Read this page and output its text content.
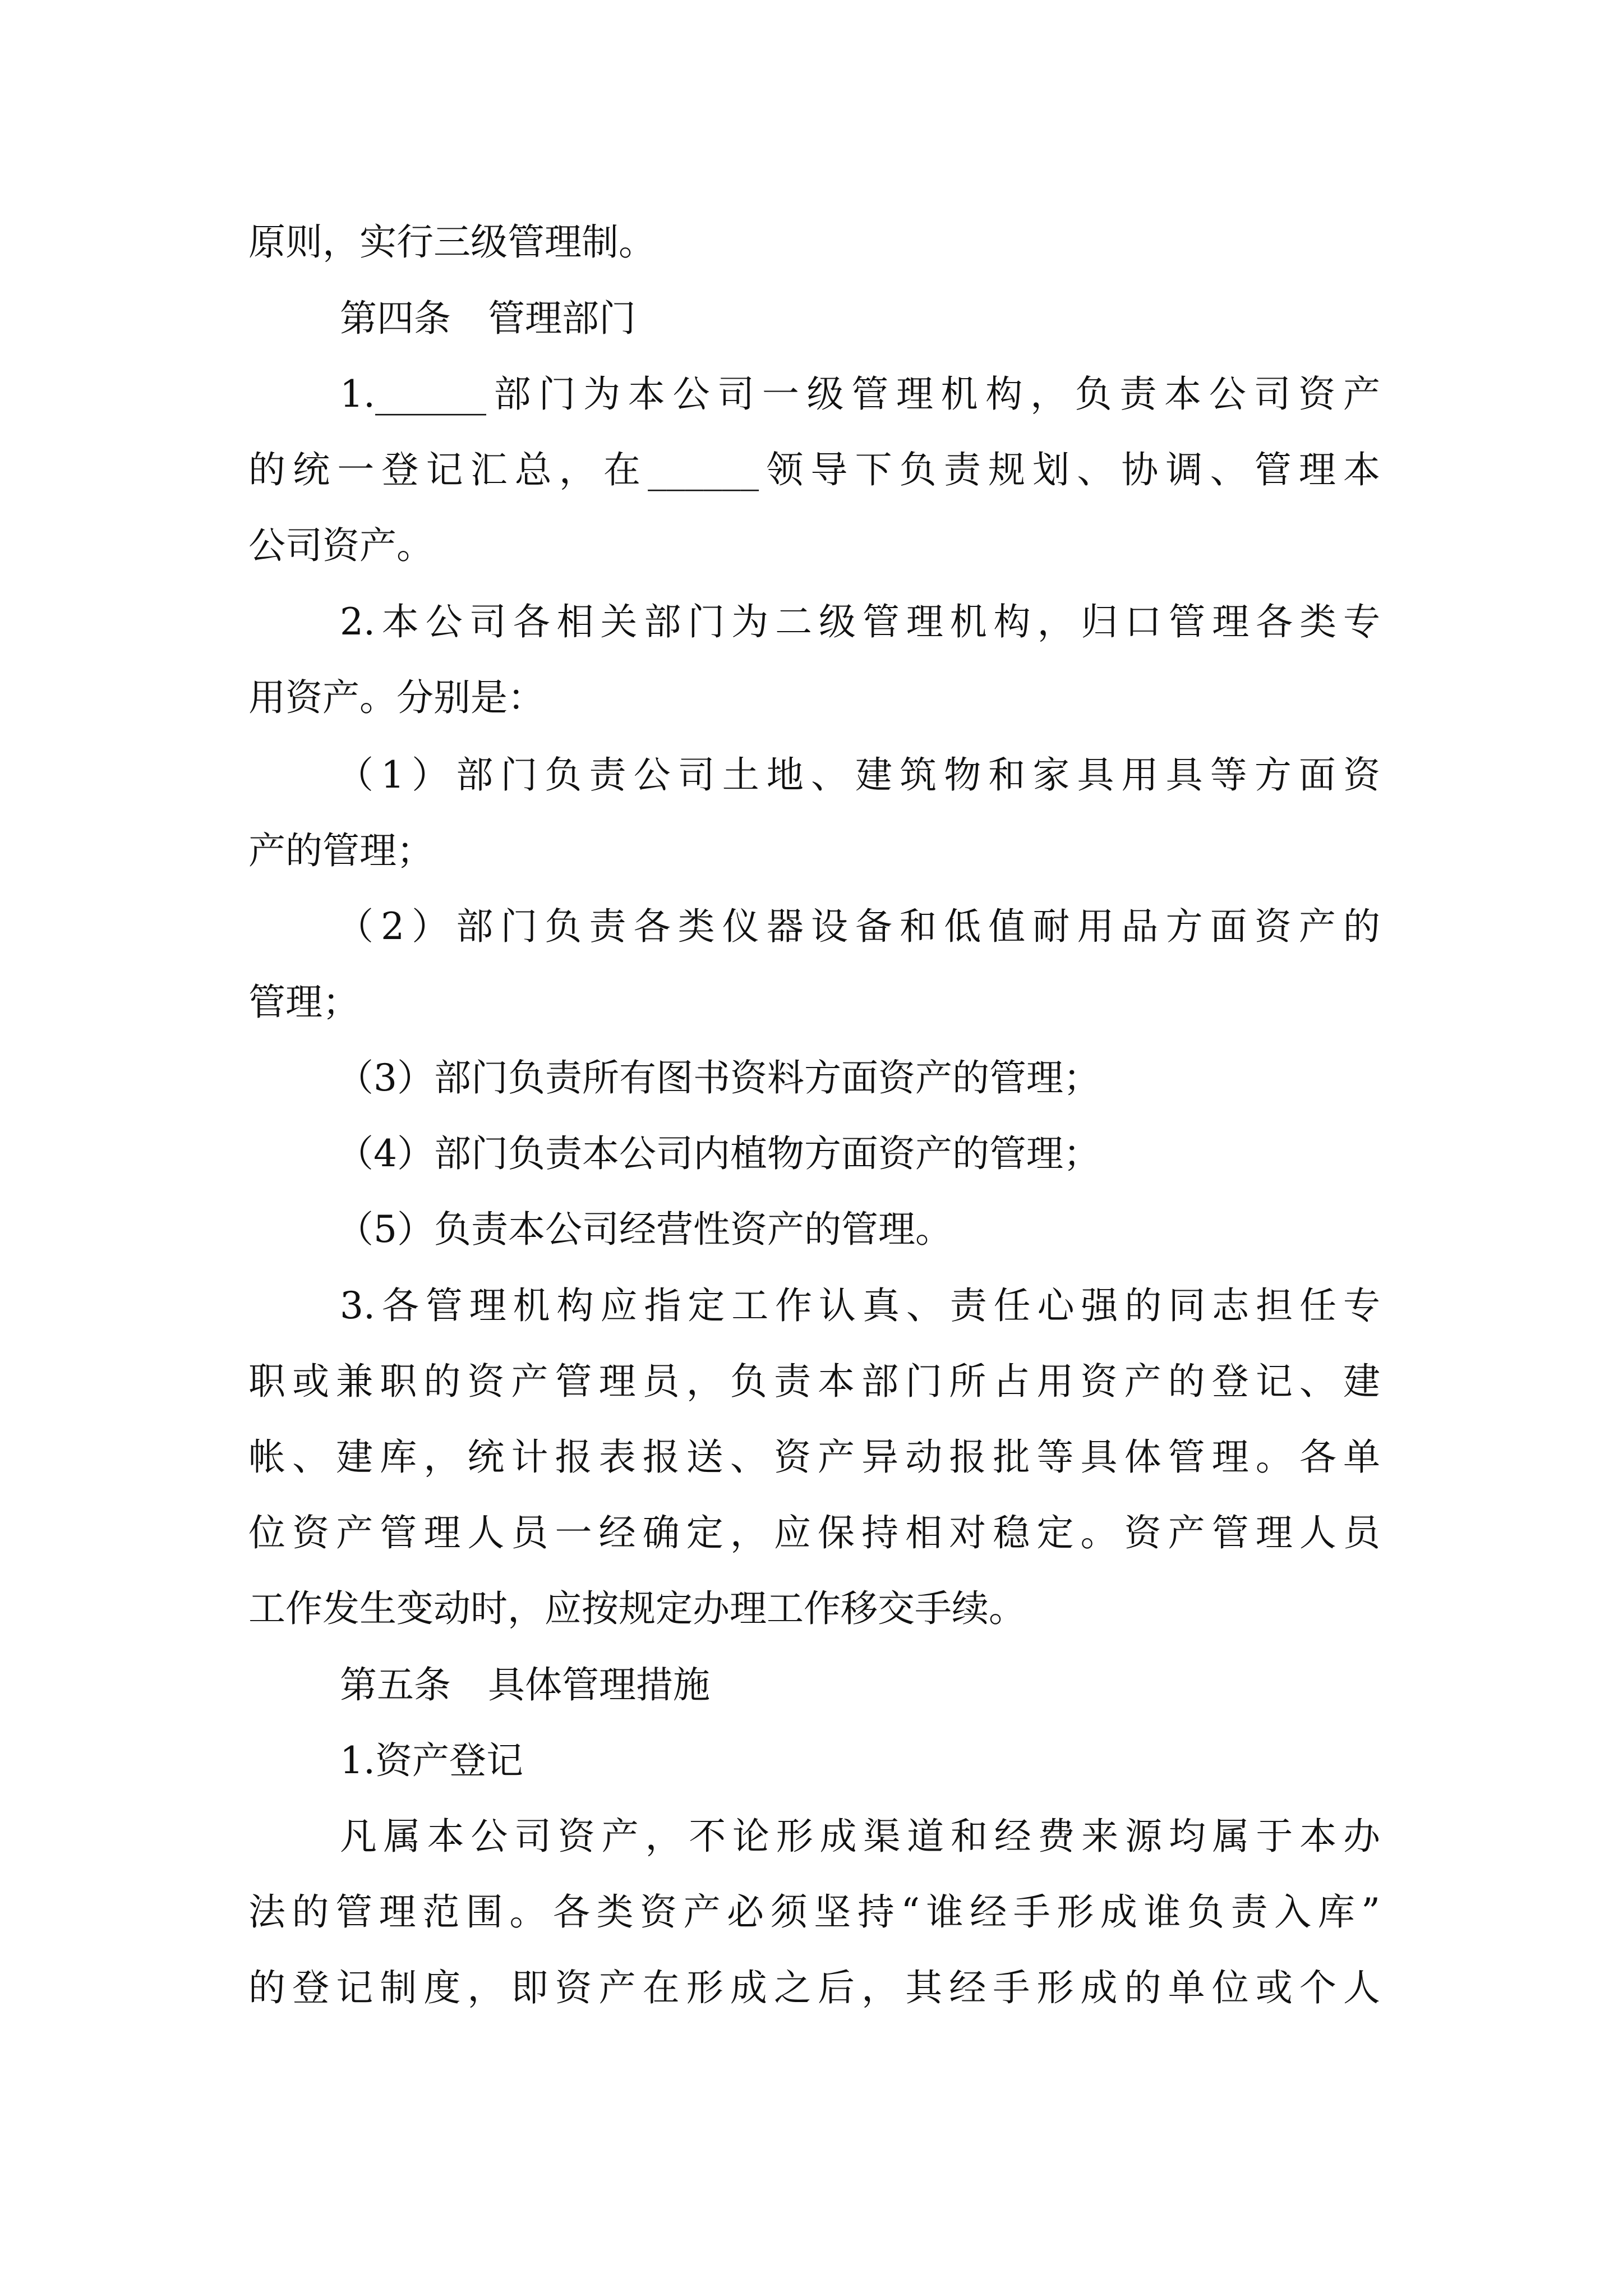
原则，实行三级管理制。
第四条　管理部门
1.______部门为本公司一级管理机构，负责本公司资产
的统一登记汇总，在______领导下负责规划、协调、管理本
公司资产。
2.本公司各相关部门为二级管理机构，归口管理各类专
用资产。分别是：
（1）部门负责公司土地、建筑物和家具用具等方面资
产的管理；
（2）部门负责各类仪器设备和低值耐用品方面资产的
管理；
（3）部门负责所有图书资料方面资产的管理；
（4）部门负责本公司内植物方面资产的管理；
（5）负责本公司经营性资产的管理。
3.各管理机构应指定工作认真、责任心强的同志担任专
职或兼职的资产管理员，负责本部门所占用资产的登记、建
帐、建库，统计报表报送、资产异动报批等具体管理。各单
位资产管理人员一经确定，应保持相对稳定。资产管理人员
工作发生变动时，应按规定办理工作移交手续。
第五条　具体管理措施
1.资产登记
凡属本公司资产，不论形成渠道和经费来源均属于本办
法的管理范围。各类资产必须坚持“谁经手形成谁负责入库”
的登记制度，即资产在形成之后，其经手形成的单位或个人
